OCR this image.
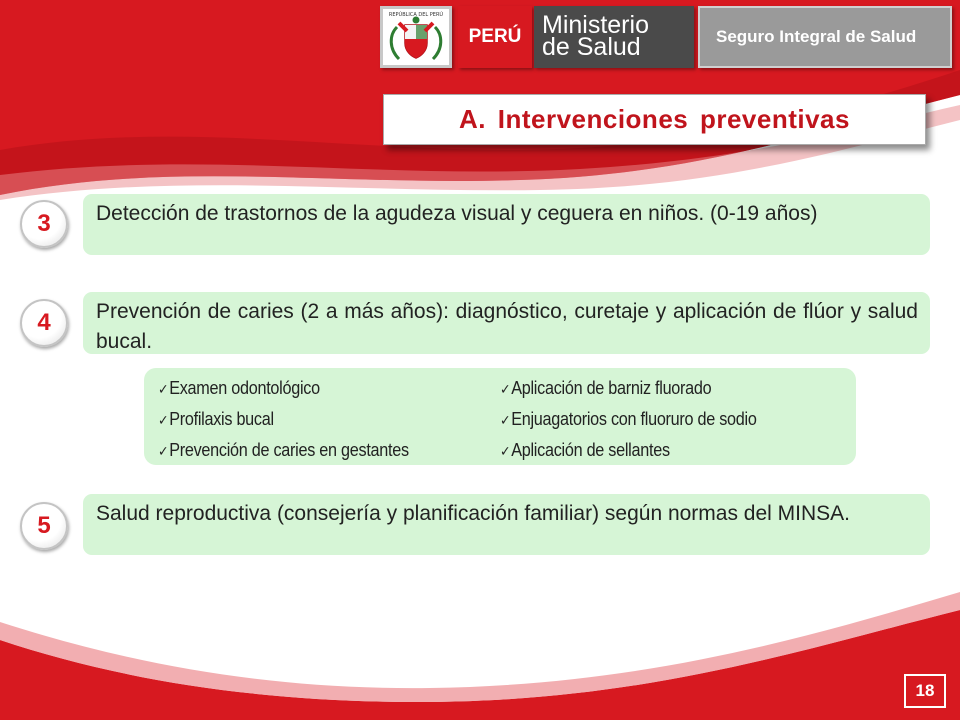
REPÚBLICA DEL PERÚ
PERÚ Ministerio
de Salud	Seguro Integral de Salud
A. Intervenciones preventivas
3	Detección de trastornos de la agudeza visual y ceguera en niños. (0-19 años)
4	Prevención de caries (2 a más años): diagnóstico, curetaje y aplicación de flúor y salud bucal.
✓Examen odontológico
✓Profilaxis bucal
✓Prevención de caries en gestantes
✓Aplicación de barniz fluorado
✓Enjuagatorios con fluoruro de sodio
✓Aplicación de sellantes
5	Salud reproductiva (consejería y planificación familiar) según normas del MINSA.
18
